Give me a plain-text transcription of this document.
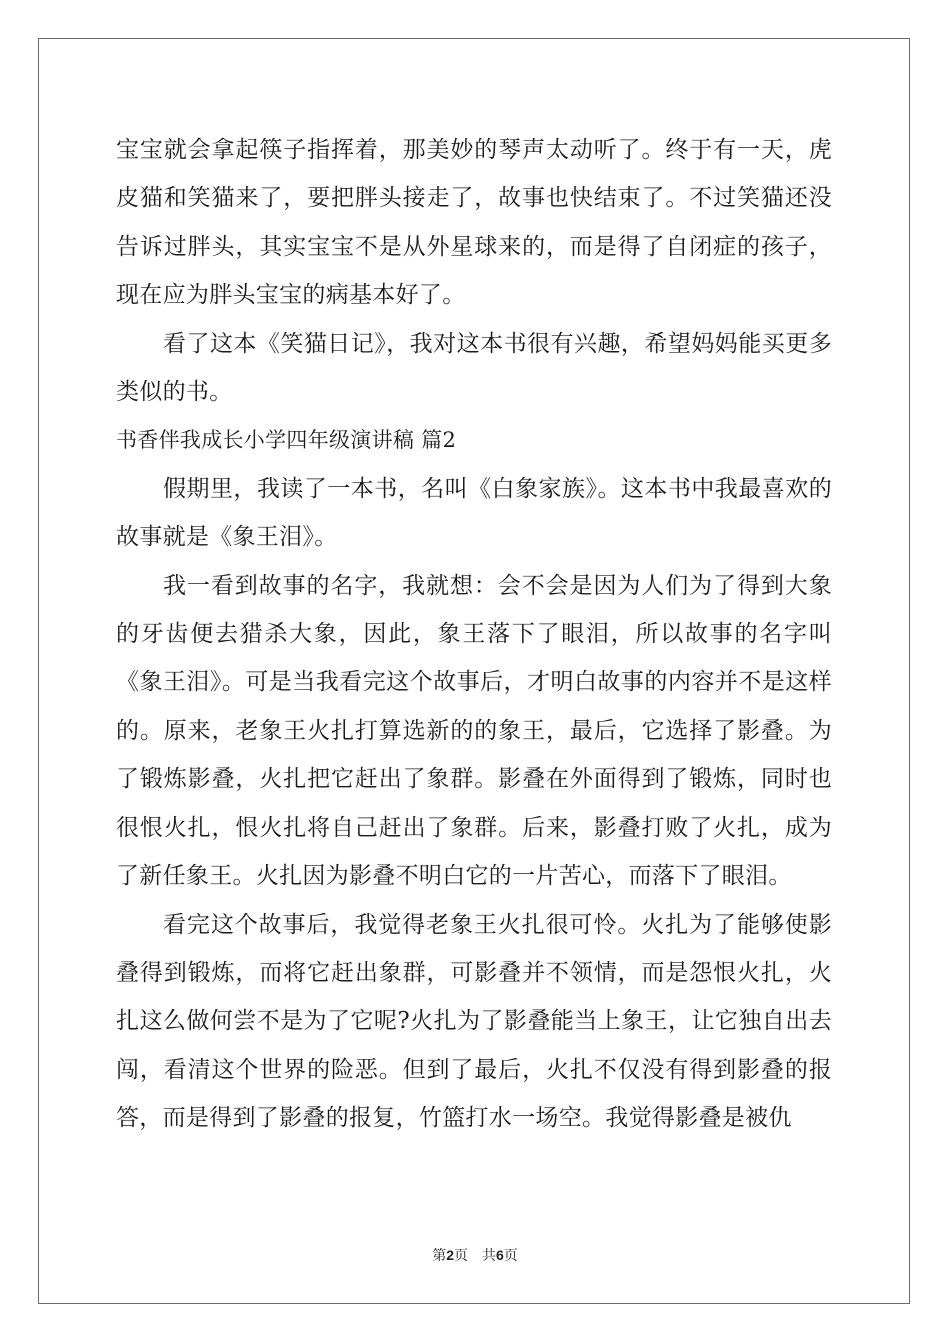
宝宝就会拿起筷子指挥着，那美妙的琴声太动听了。终于有一天，虎皮猫和笑猫来了，要把胖头接走了，故事也快结束了。不过笑猫还没告诉过胖头，其实宝宝不是从外星球来的，而是得了自闭症的孩子，现在应为胖头宝宝的病基本好了。

看了这本《笑猫日记》，我对这本书很有兴趣，希望妈妈能买更多类似的书。

书香伴我成长小学四年级演讲稿 篇2

假期里，我读了一本书，名叫《白象家族》。这本书中我最喜欢的故事就是《象王泪》。

我一看到故事的名字，我就想：会不会是因为人们为了得到大象的牙齿便去猎杀大象，因此，象王落下了眼泪，所以故事的名字叫《象王泪》。可是当我看完这个故事后，才明白故事的内容并不是这样的。原来，老象王火扎打算选新的的象王，最后，它选择了影叠。为了锻炼影叠，火扎把它赶出了象群。影叠在外面得到了锻炼，同时也很恨火扎，恨火扎将自己赶出了象群。后来，影叠打败了火扎，成为了新任象王。火扎因为影叠不明白它的一片苦心，而落下了眼泪。

看完这个故事后，我觉得老象王火扎很可怜。火扎为了能够使影叠得到锻炼，而将它赶出象群，可影叠并不领情，而是怨恨火扎，火扎这么做何尝不是为了它呢?火扎为了影叠能当上象王，让它独自出去闯，看清这个世界的险恶。但到了最后，火扎不仅没有得到影叠的报答，而是得到了影叠的报复，竹篮打水一场空。我觉得影叠是被仇

第2页 共6页
